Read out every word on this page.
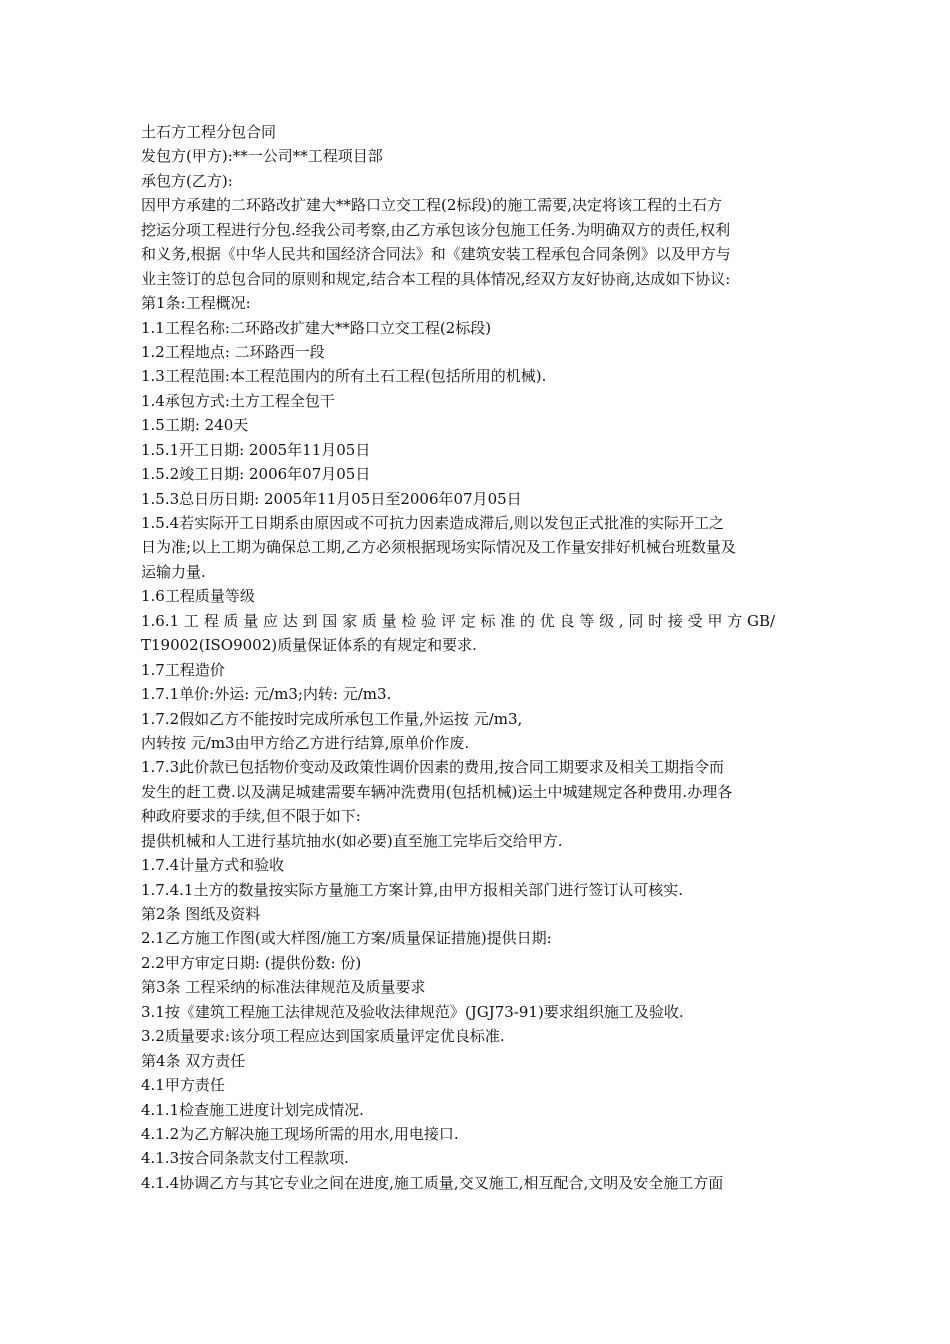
土石方工程分包合同
发包方(甲方):**一公司**工程项目部
承包方(乙方):
因甲方承建的二环路改扩建大**路口立交工程(2标段)的施工需要,决定将该工程的土石方
挖运分项工程进行分包.经我公司考察,由乙方承包该分包施工任务.为明确双方的责任,权利
和义务,根据《中华人民共和国经济合同法》和《建筑安装工程承包合同条例》以及甲方与
业主签订的总包合同的原则和规定,结合本工程的具体情况,经双方友好协商,达成如下协议:
第1条:工程概况:
1.1工程名称:二环路改扩建大**路口立交工程(2标段)
1.2工程地点: 二环路西一段
1.3工程范围:本工程范围内的所有土石工程(包括所用的机械).
1.4承包方式:土方工程全包干
1.5工期: 240天
1.5.1开工日期: 2005年11月05日
1.5.2竣工日期: 2006年07月05日
1.5.3总日历日期: 2005年11月05日至2006年07月05日
1.5.4若实际开工日期系由原因或不可抗力因素造成滞后,则以发包正式批准的实际开工之
日为准;以上工期为确保总工期,乙方必须根据现场实际情况及工作量安排好机械台班数量及
运输力量.
1.6工程质量等级
1.6.1 工 程 质 量 应 达 到 国 家 质 量 检 验 评 定 标 准 的 优 良 等 级 , 同 时 接 受 甲 方 GB/
T19002(ISO9002)质量保证体系的有规定和要求.
1.7工程造价
1.7.1单价:外运: 元/m3;内转: 元/m3.
1.7.2假如乙方不能按时完成所承包工作量,外运按 元/m3,
内转按 元/m3由甲方给乙方进行结算,原单价作废.
1.7.3此价款已包括物价变动及政策性调价因素的费用,按合同工期要求及相关工期指令而
发生的赶工费.以及满足城建需要车辆冲洗费用(包括机械)运土中城建规定各种费用.办理各
种政府要求的手续,但不限于如下:
提供机械和人工进行基坑抽水(如必要)直至施工完毕后交给甲方.
1.7.4计量方式和验收
1.7.4.1土方的数量按实际方量施工方案计算,由甲方报相关部门进行签订认可核实.
第2条 图纸及资料
2.1乙方施工作图(或大样图/施工方案/质量保证措施)提供日期:
2.2甲方审定日期: (提供份数: 份)
第3条 工程采纳的标准法律规范及质量要求
3.1按《建筑工程施工法律规范及验收法律规范》(JGJ73-91)要求组织施工及验收.
3.2质量要求:该分项工程应达到国家质量评定优良标准.
第4条 双方责任
4.1甲方责任
4.1.1检查施工进度计划完成情况.
4.1.2为乙方解决施工现场所需的用水,用电接口.
4.1.3按合同条款支付工程款项.
4.1.4协调乙方与其它专业之间在进度,施工质量,交叉施工,相互配合,文明及安全施工方面
